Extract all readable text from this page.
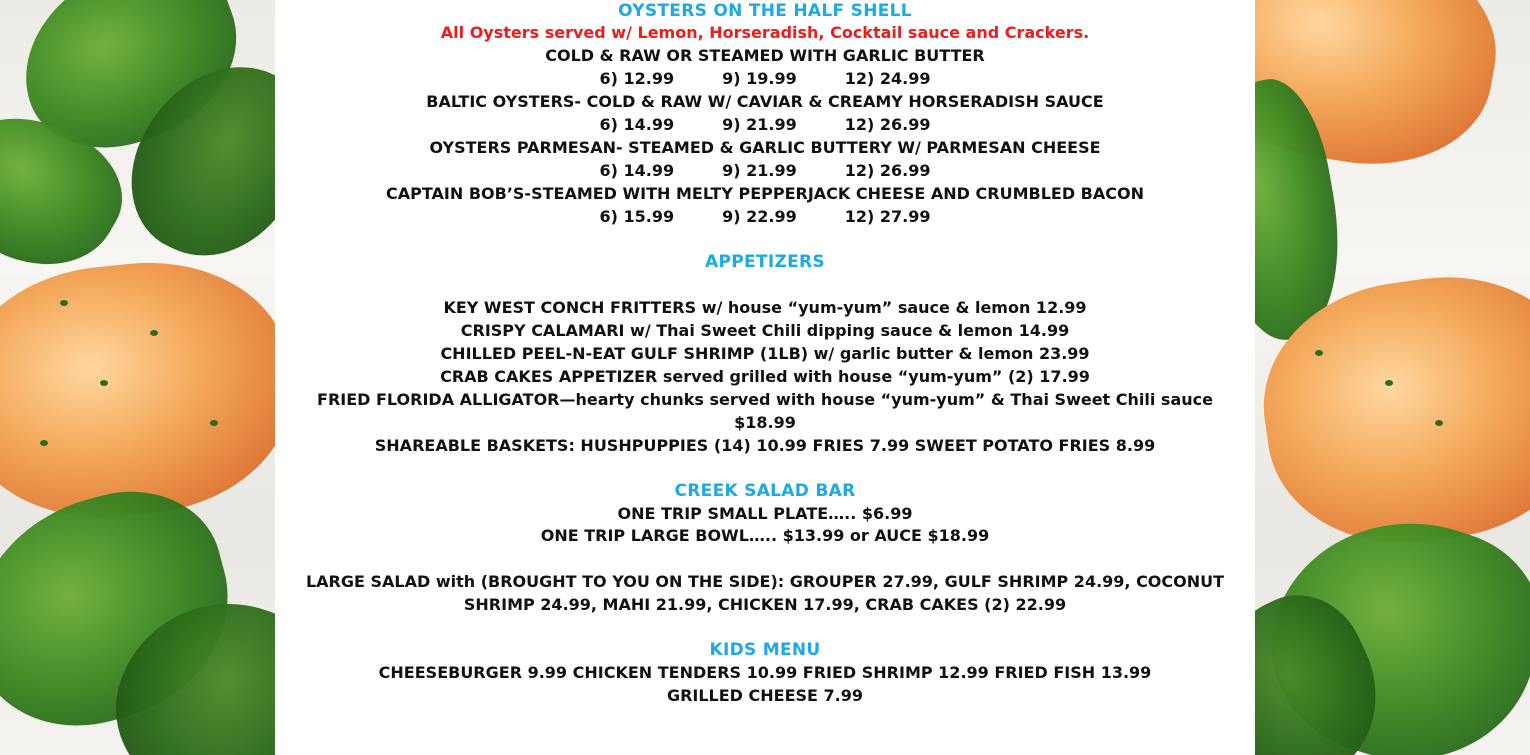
OYSTERS ON THE HALF SHELL

All Oysters served w/ Lemon, Horseradish, Cocktail sauce and Crackers.

COLD & RAW OR STEAMED WITH GARLIC BUTTER

6) 12.99	9) 19.99	12) 24.99

BALTIC OYSTERS- COLD & RAW W/ CAVIAR & CREAMY HORSERADISH SAUCE

6) 14.99	9) 21.99	12) 26.99

OYSTERS PARMESAN- STEAMED & GARLIC BUTTERY W/ PARMESAN CHEESE

6) 14.99	9) 21.99	12) 26.99

CAPTAIN BOB’S-STEAMED WITH MELTY PEPPERJACK CHEESE AND CRUMBLED BACON

6) 15.99	9) 22.99	12) 27.99
APPETIZERS

KEY WEST CONCH FRITTERS w/ house “yum-yum” sauce & lemon 12.99

CRISPY CALAMARI w/ Thai Sweet Chili dipping sauce & lemon 14.99

CHILLED PEEL-N-EAT GULF SHRIMP (1LB) w/ garlic butter & lemon 23.99

CRAB CAKES APPETIZER served grilled with house “yum-yum” (2) 17.99

FRIED FLORIDA ALLIGATOR—hearty chunks served with house “yum-yum” & Thai Sweet Chili sauce

$18.99

SHAREABLE BASKETS: HUSHPUPPIES (14) 10.99 FRIES 7.99 SWEET POTATO FRIES 8.99

CREEK SALAD BAR

ONE TRIP SMALL PLATE….. $6.99

ONE TRIP LARGE BOWL….. $13.99 or AUCE $18.99

LARGE SALAD with (BROUGHT TO YOU ON THE SIDE): GROUPER 27.99, GULF SHRIMP 24.99, COCONUT

SHRIMP 24.99, MAHI 21.99, CHICKEN 17.99, CRAB CAKES (2) 22.99

KIDS MENU

CHEESEBURGER 9.99 CHICKEN TENDERS 10.99 FRIED SHRIMP 12.99 FRIED FISH 13.99

GRILLED CHEESE 7.99
